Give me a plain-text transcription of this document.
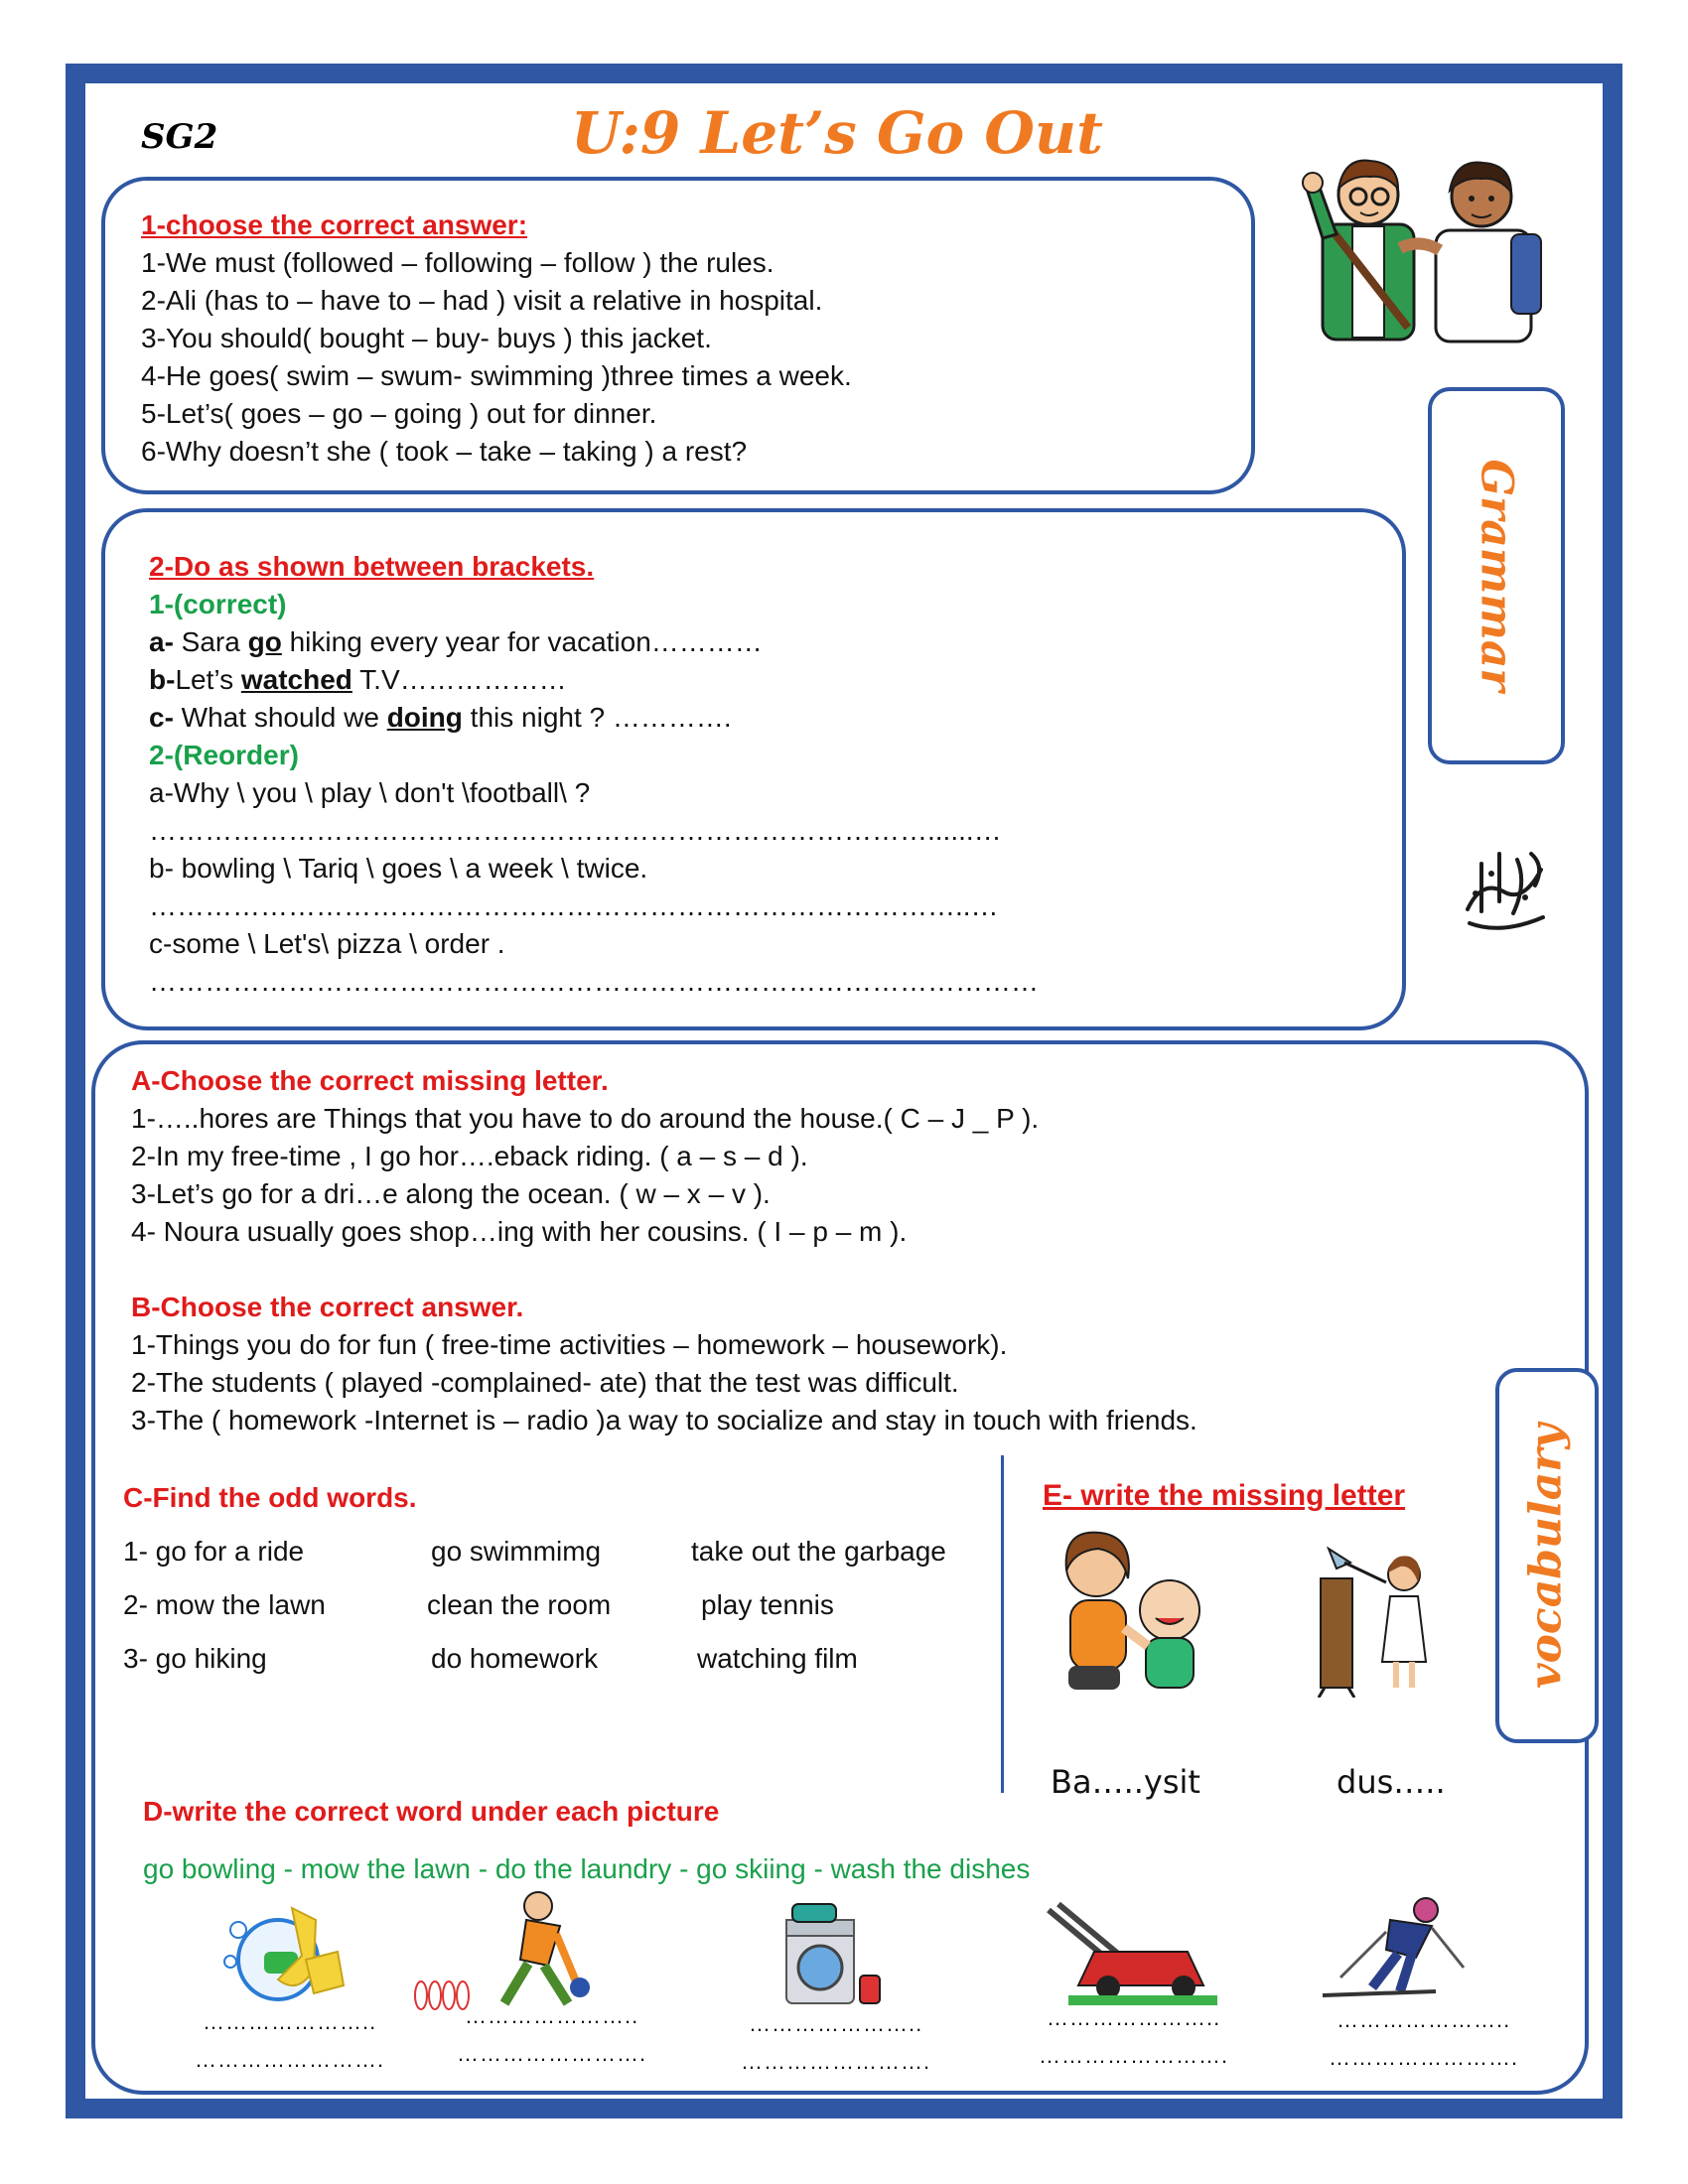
SG2	U:9 Let’s Go Out
1-choose the correct answer:
1-We must (followed – following – follow ) the rules.
2-Ali (has to – have to – had ) visit a relative in hospital.
3-You should( bought – buy- buys ) this jacket.
4-He goes( swim – swum- swimming )three times a week.
5-Let’s( goes – go – going ) out for dinner.
6-Why doesn’t she ( took – take – taking ) a rest?
Grammar
2-Do as shown between brackets.
1-(correct)
a- Sara go hiking every year for vacation…………
b-Let’s watched T.V………………
c- What should we doing this night ? ………….
2-(Reorder)
a-Why \ you \ play \ don't \football\ ?
…………………………………………………………………………......…
b- bowling \ Tariq \ goes \ a week \ twice.
……………………………………………………………………………..…
c-some \ Let's\ pizza \ order .
……………………………………………………………………………………
vocabulary
A-Choose the correct missing letter.
1-…..hores are Things that you have to do around the house.( C – J _ P ).
2-In my free-time , I go hor….eback riding. ( a – s – d ).
3-Let’s go for a dri…e along the ocean. ( w – x – v ).
4- Noura usually goes shop…ing with her cousins. ( I – p – m ).
B-Choose the correct answer.
1-Things you do for fun ( free-time activities – homework – housework).
2-The students ( played -complained- ate) that the test was difficult.
3-The ( homework -Internet is – radio )a way to socialize and stay in touch with friends.
C-Find the odd words.
1- go for a ride	go swimmimg	take out the garbage
2- mow the lawn	clean the room	play tennis
3- go hiking	do homework	watching film
E- write the missing letter
Ba…..ysit	dus…..
D-write the correct word under each picture
go bowling - mow the lawn - do the laundry - go skiing - wash the dishes
…………………..
…………………….
…………………..
…………………….
…………………..
…………………….
…………………..
…………………….
…………………..
…………………….
